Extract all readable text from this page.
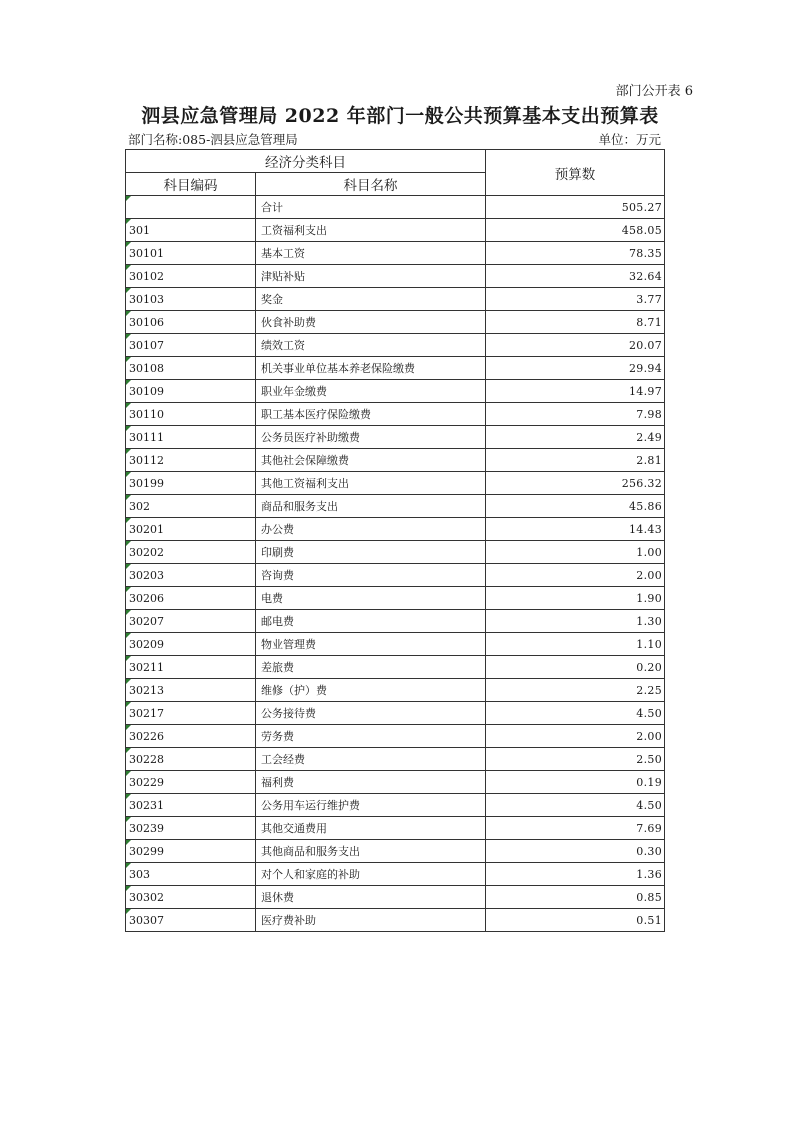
部门公开表 6
泗县应急管理局 2022 年部门一般公共预算基本支出预算表
部门名称:085-泗县应急管理局	单位：万元
经济分类科目		预算数
科目编码	科目名称	
	合计	505.27
301	工资福利支出	458.05
30101	基本工资	78.35
30102	津贴补贴	32.64
30103	奖金	3.77
30106	伙食补助费	8.71
30107	绩效工资	20.07
30108	机关事业单位基本养老保险缴费	29.94
30109	职业年金缴费	14.97
30110	职工基本医疗保险缴费	7.98
30111	公务员医疗补助缴费	2.49
30112	其他社会保障缴费	2.81
30199	其他工资福利支出	256.32
302	商品和服务支出	45.86
30201	办公费	14.43
30202	印刷费	1.00
30203	咨询费	2.00
30206	电费	1.90
30207	邮电费	1.30
30209	物业管理费	1.10
30211	差旅费	0.20
30213	维修（护）费	2.25
30217	公务接待费	4.50
30226	劳务费	2.00
30228	工会经费	2.50
30229	福利费	0.19
30231	公务用车运行维护费	4.50
30239	其他交通费用	7.69
30299	其他商品和服务支出	0.30
303	对个人和家庭的补助	1.36
30302	退休费	0.85
30307	医疗费补助	0.51
